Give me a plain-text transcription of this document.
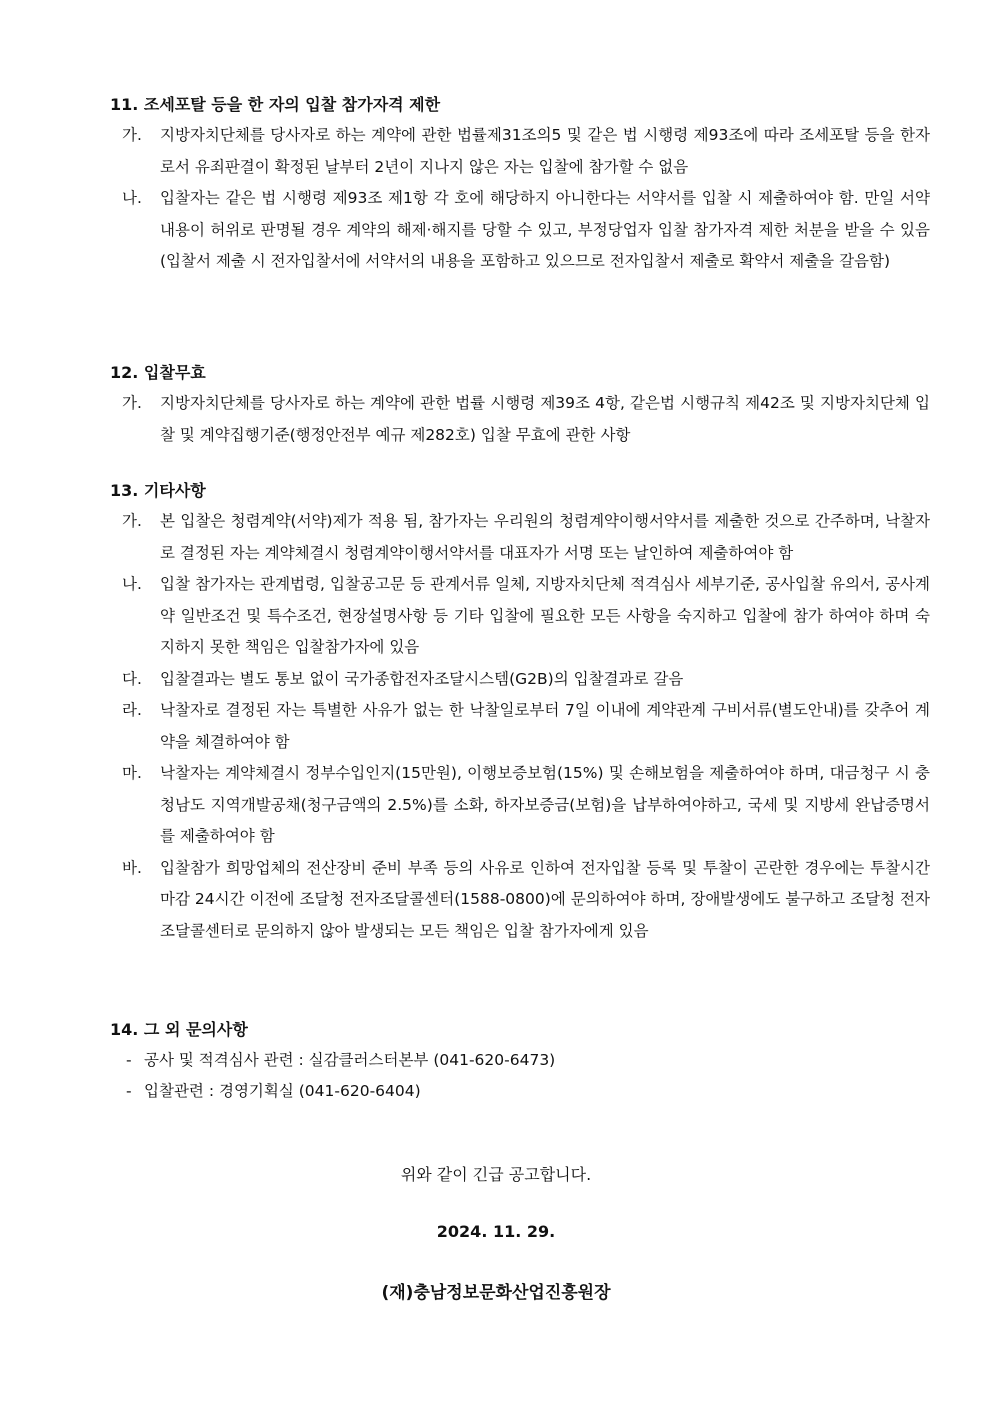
11. 조세포탈 등을 한 자의 입찰 참가자격 제한
가. 지방자치단체를 당사자로 하는 계약에 관한 법률제31조의5 및 같은 법 시행령 제93조에 따라 조세포탈 등을 한자로서 유죄판결이 확정된 날부터 2년이 지나지 않은 자는 입찰에 참가할 수 없음
나. 입찰자는 같은 법 시행령 제93조 제1항 각 호에 해당하지 아니한다는 서약서를 입찰 시 제출하여야 함. 만일 서약내용이 허위로 판명될 경우 계약의 해제·해지를 당할 수 있고, 부정당업자 입찰 참가자격 제한 처분을 받을 수 있음 (입찰서 제출 시 전자입찰서에 서약서의 내용을 포함하고 있으므로 전자입찰서 제출로 확약서 제출을 갈음함)
12. 입찰무효
가. 지방자치단체를 당사자로 하는 계약에 관한 법률 시행령 제39조 4항, 같은법 시행규칙 제42조 및 지방자치단체 입찰 및 계약집행기준(행정안전부 예규 제282호) 입찰 무효에 관한 사항
13. 기타사항
가. 본 입찰은 청렴계약(서약)제가 적용 됨, 참가자는 우리원의 청렴계약이행서약서를 제출한 것으로 간주하며, 낙찰자로 결정된 자는 계약체결시 청렴계약이행서약서를 대표자가 서명 또는 날인하여 제출하여야 함
나. 입찰 참가자는 관계법령, 입찰공고문 등 관계서류 일체, 지방자치단체 적격심사 세부기준, 공사입찰 유의서, 공사계약 일반조건 및 특수조건, 현장설명사항 등 기타 입찰에 필요한 모든 사항을 숙지하고 입찰에 참가 하여야 하며 숙지하지 못한 책임은 입찰참가자에 있음
다. 입찰결과는 별도 통보 없이 국가종합전자조달시스템(G2B)의 입찰결과로 갈음
라. 낙찰자로 결정된 자는 특별한 사유가 없는 한 낙찰일로부터 7일 이내에 계약관계 구비서류(별도안내)를 갖추어 계약을 체결하여야 함
마. 낙찰자는 계약체결시 정부수입인지(15만원), 이행보증보험(15%) 및 손해보험을 제출하여야 하며, 대금청구 시 충청남도 지역개발공채(청구금액의 2.5%)를 소화, 하자보증금(보험)을 납부하여야하고, 국세 및 지방세 완납증명서를 제출하여야 함
바. 입찰참가 희망업체의 전산장비 준비 부족 등의 사유로 인하여 전자입찰 등록 및 투찰이 곤란한 경우에는 투찰시간 마감 24시간 이전에 조달청 전자조달콜센터(1588-0800)에 문의하여야 하며, 장애발생에도 불구하고 조달청 전자조달콜센터로 문의하지 않아 발생되는 모든 책임은 입찰 참가자에게 있음
14. 그 외 문의사항
- 공사 및 적격심사 관련 : 실감클러스터본부 (041-620-6473)
- 입찰관련 : 경영기획실 (041-620-6404)
위와 같이 긴급 공고합니다.
2024. 11. 29.
(재)충남정보문화산업진흥원장
